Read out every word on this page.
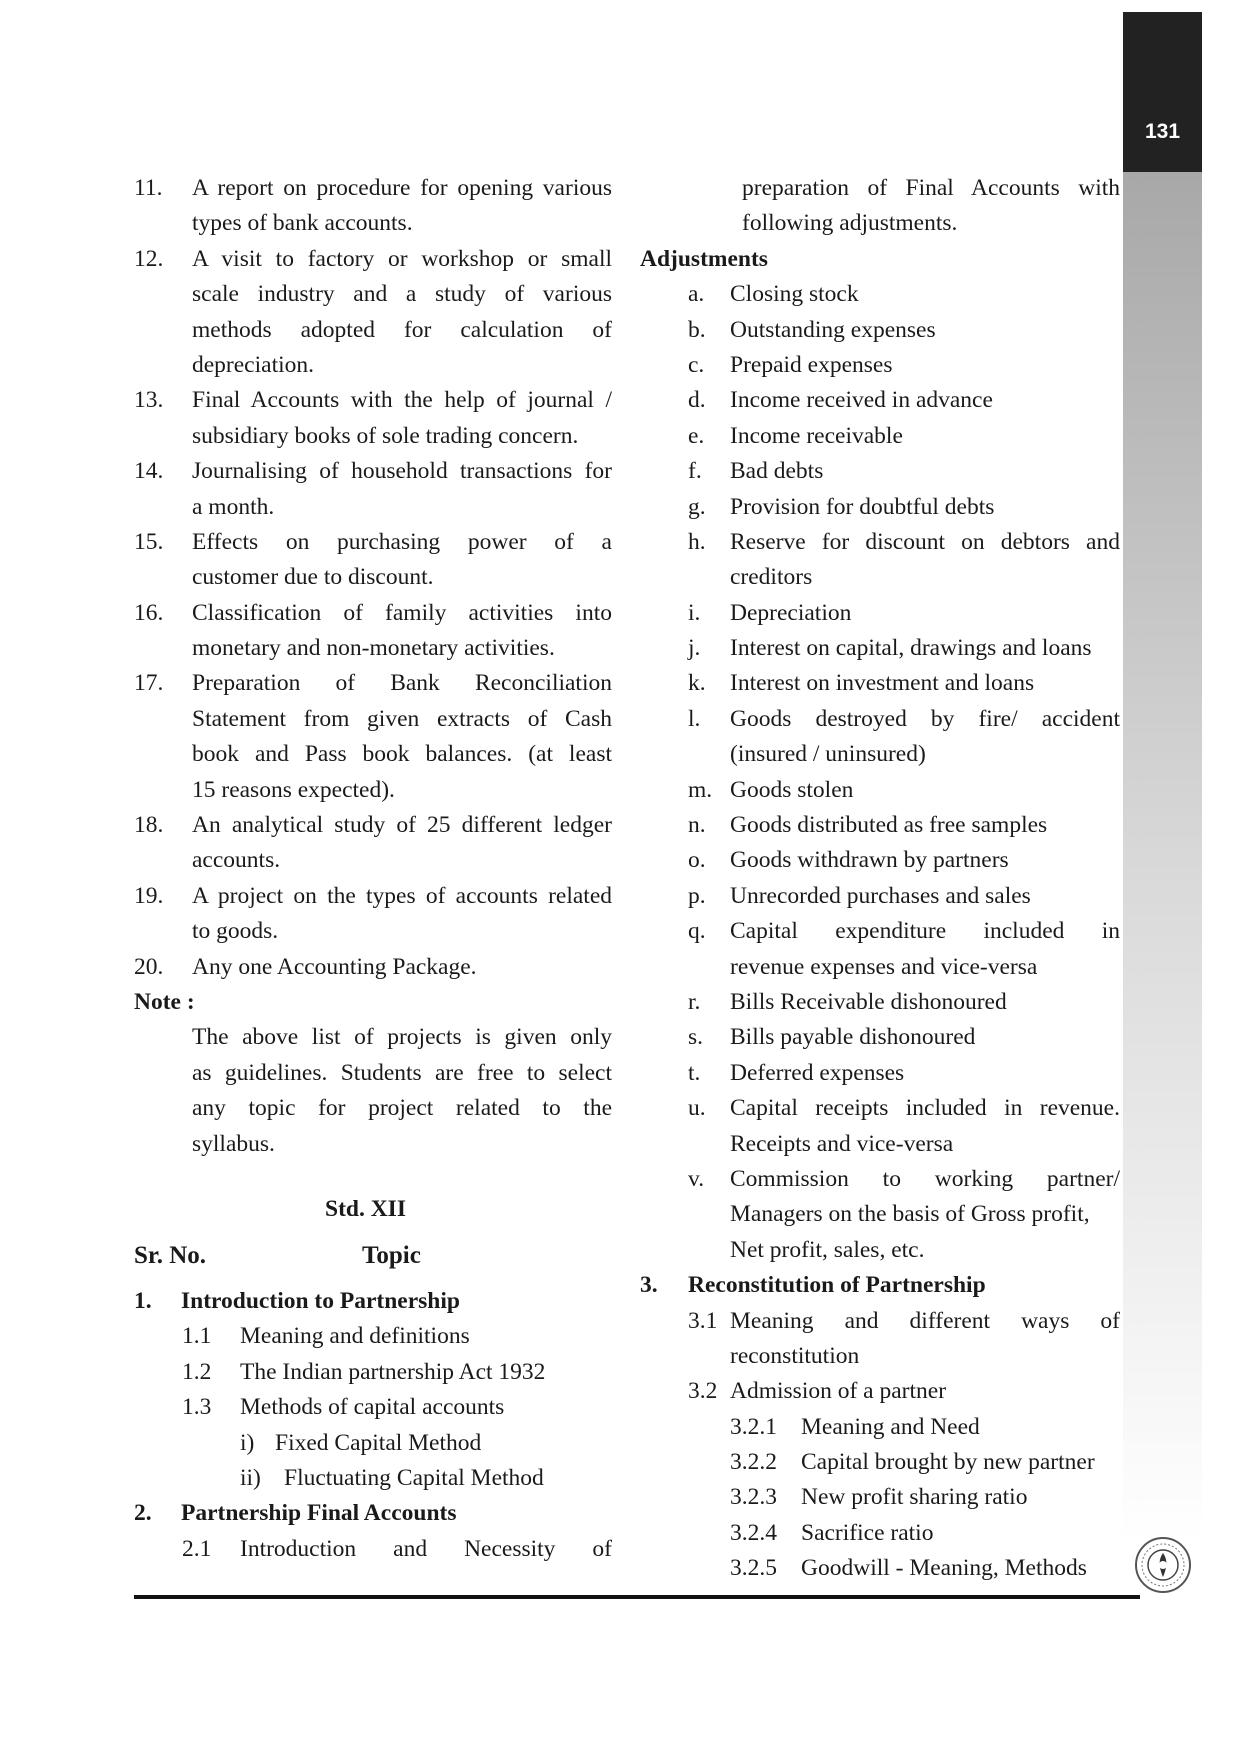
131
11. A report on procedure for opening various
types of bank accounts.
12. A visit to factory or workshop or small
scale industry and a study of various
methods adopted for calculation of
depreciation.
13. Final Accounts with the help of journal /
subsidiary books of sole trading concern.
14. Journalising of household transactions for
a month.
15. Effects on purchasing power of a
customer due to discount.
16. Classification of family activities into
monetary and non-monetary activities.
17. Preparation of Bank Reconciliation
Statement from given extracts of Cash
book and Pass book balances. (at least
15 reasons expected).
18. An analytical study of 25 different ledger
accounts.
19. A project on the types of accounts related
to goods.
20. Any one Accounting Package.
Note :
The above list of projects is given only
as guidelines. Students are free to select
any topic for project related to the
syllabus.
Std. XII
Sr. No.	Topic
1. Introduction to Partnership
1.1 Meaning and definitions
1.2 The Indian partnership Act 1932
1.3 Methods of capital accounts
i) Fixed Capital Method
ii) Fluctuating Capital Method
2. Partnership Final Accounts
2.1 Introduction and Necessity of
preparation of Final Accounts with
following adjustments.
Adjustments
a. Closing stock
b. Outstanding expenses
c. Prepaid expenses
d. Income received in advance
e. Income receivable
f. Bad debts
g. Provision for doubtful debts
h. Reserve for discount on debtors and
creditors
i. Depreciation
j. Interest on capital, drawings and loans
k. Interest on investment and loans
l. Goods destroyed by fire/ accident
(insured / uninsured)
m. Goods stolen
n. Goods distributed as free samples
o. Goods withdrawn by partners
p. Unrecorded purchases and sales
q. Capital expenditure included in
revenue expenses and vice-versa
r. Bills Receivable dishonoured
s. Bills payable dishonoured
t. Deferred expenses
u. Capital receipts included in revenue.
Receipts and vice-versa
v. Commission to working partner/
Managers on the basis of Gross profit,
Net profit, sales, etc.
3. Reconstitution of Partnership
3.1 Meaning and different ways of
reconstitution
3.2 Admission of a partner
3.2.1 Meaning and Need
3.2.2 Capital brought by new partner
3.2.3 New profit sharing ratio
3.2.4 Sacrifice ratio
3.2.5 Goodwill - Meaning, Methods
